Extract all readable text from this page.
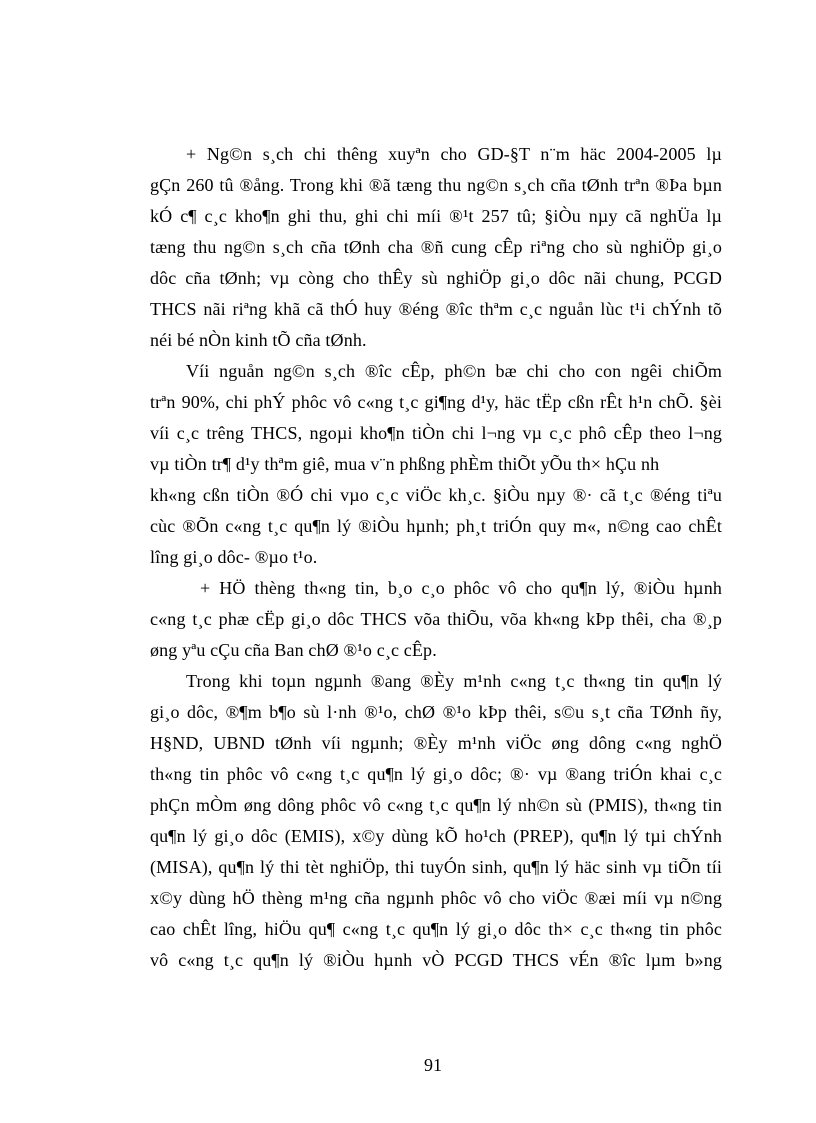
+ Ng©n s¸ch chi thêng xuyªn cho GD-§T n¨m häc 2004-2005 lµ
gÇn 260 tû ®ång. Trong khi ®ã tæng thu ng©n s¸ch cña tØnh trªn ®Þa bµn
kÓ c¶ c¸c kho¶n ghi thu, ghi chi míi ®¹t 257 tû; §iÒu nµy cã nghÜa lµ
tæng thu ng©n s¸ch cña tØnh cha ®ñ cung cÊp riªng cho sù nghiÖp gi¸o
dôc cña tØnh; vµ còng cho thÊy sù nghiÖp gi¸o dôc nãi chung, PCGD
THCS nãi riªng khã cã thÓ huy ®éng ®îc thªm c¸c nguån lùc t¹i chÝnh tõ
néi bé nÒn kinh tÕ cña tØnh.
Víi nguån ng©n s¸ch ®îc cÊp, ph©n bæ chi cho con ngêi chiÕm
trªn 90%, chi phÝ phôc vô c«ng t¸c gi¶ng d¹y, häc tËp cßn rÊt h¹n chÕ. §èi
víi c¸c trêng THCS, ngoµi kho¶n tiÒn chi l¬ng vµ c¸c phô cÊp theo l¬ng
vµ tiÒn tr¶ d¹y thªm giê, mua v¨n phßng phÈm thiÕt yÕu th× hÇu nh
kh«ng cßn tiÒn ®Ó chi vµo c¸c viÖc kh¸c. §iÒu nµy ®· cã t¸c ®éng tiªu
cùc ®Õn c«ng t¸c qu¶n lý ®iÒu hµnh; ph¸t triÓn quy m«, n©ng cao chÊt
lîng gi¸o dôc- ®µo t¹o.
+ HÖ thèng th«ng tin, b¸o c¸o phôc vô cho qu¶n lý, ®iÒu hµnh
c«ng t¸c phæ cËp gi¸o dôc THCS võa thiÕu, võa kh«ng kÞp thêi, cha ®¸p
øng yªu cÇu cña Ban chØ ®¹o c¸c cÊp.
Trong khi toµn ngµnh ®ang ®Èy m¹nh c«ng t¸c th«ng tin qu¶n lý
gi¸o dôc, ®¶m b¶o sù l·nh ®¹o, chØ ®¹o kÞp thêi, s©u s¸t cña TØnh ñy,
H§ND, UBND tØnh víi ngµnh; ®Èy m¹nh viÖc øng dông c«ng nghÖ
th«ng tin phôc vô c«ng t¸c qu¶n lý gi¸o dôc; ®· vµ ®ang triÓn khai c¸c
phÇn mÒm øng dông phôc vô c«ng t¸c qu¶n lý nh©n sù (PMIS), th«ng tin
qu¶n lý gi¸o dôc (EMIS), x©y dùng kÕ ho¹ch (PREP), qu¶n lý tµi chÝnh
(MISA), qu¶n lý thi tèt nghiÖp, thi tuyÓn sinh, qu¶n lý häc sinh vµ tiÕn tíi
x©y dùng hÖ thèng m¹ng cña ngµnh phôc vô cho viÖc ®æi míi vµ n©ng
cao chÊt lîng, hiÖu qu¶ c«ng t¸c qu¶n lý gi¸o dôc th× c¸c th«ng tin phôc
vô c«ng t¸c qu¶n lý ®iÒu hµnh vÒ PCGD THCS vÉn ®îc lµm b»ng
91
